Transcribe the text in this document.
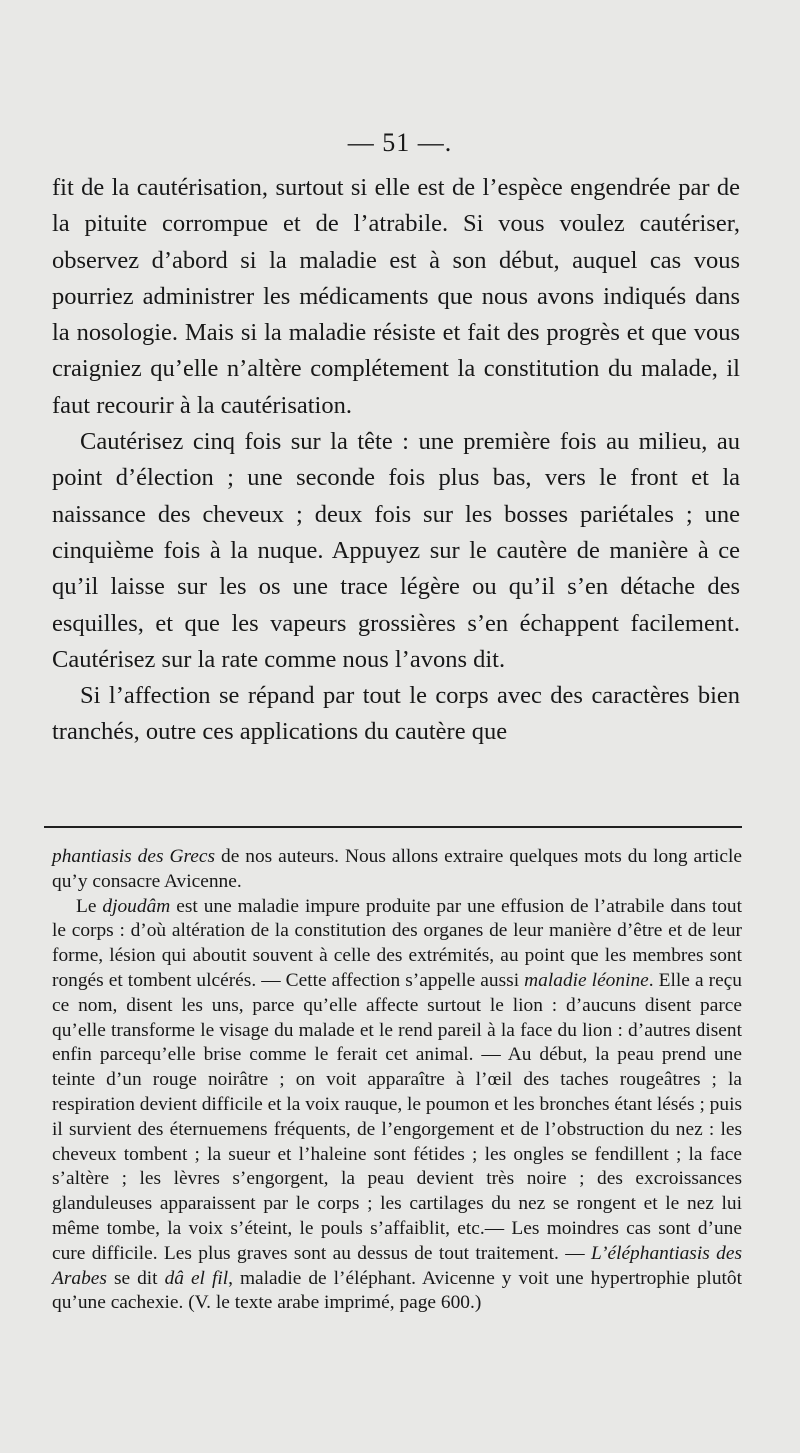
— 51 —.

fit de la cautérisation, surtout si elle est de l’espèce engendrée par de la pituite corrompue et de l’atrabile. Si vous voulez cautériser, observez d’abord si la maladie est à son début, auquel cas vous pourriez administrer les médicaments que nous avons indiqués dans la nosologie. Mais si la maladie résiste et fait des progrès et que vous craigniez qu’elle n’altère complétement la constitution du malade, il faut recourir à la cautérisation.

Cautérisez cinq fois sur la tête : une première fois au milieu, au point d’élection ; une seconde fois plus bas, vers le front et la naissance des cheveux ; deux fois sur les bosses pariétales ; une cinquième fois à la nuque. Appuyez sur le cautère de manière à ce qu’il laisse sur les os une trace légère ou qu’il s’en détache des esquilles, et que les vapeurs grossières s’en échappent facilement. Cautérisez sur la rate comme nous l’avons dit.

Si l’affection se répand par tout le corps avec des caractères bien tranchés, outre ces applications du cautère que

phantiasis des Grecs de nos auteurs. Nous allons extraire quelques mots du long article qu’y consacre Avicenne.

Le djoudâm est une maladie impure produite par une effusion de l’atrabile dans tout le corps : d’où altération de la constitution des organes de leur manière d’être et de leur forme, lésion qui aboutit souvent à celle des extrémités, au point que les membres sont rongés et tombent ulcérés. — Cette affection s’appelle aussi maladie léonine. Elle a reçu ce nom, disent les uns, parce qu’elle affecte surtout le lion : d’aucuns disent parce qu’elle transforme le visage du malade et le rend pareil à la face du lion : d’autres disent enfin parcequ’elle brise comme le ferait cet animal. — Au début, la peau prend une teinte d’un rouge noirâtre ; on voit apparaître à l’œil des taches rougeâtres ; la respiration devient difficile et la voix rauque, le poumon et les bronches étant lésés ; puis il survient des éternuemens fréquents, de l’engorgement et de l’obstruction du nez : les cheveux tombent ; la sueur et l’haleine sont fétides ; les ongles se fendillent ; la face s’altère ; les lèvres s’engorgent, la peau devient très noire ; des excroissances glanduleuses apparaissent par le corps ; les cartilages du nez se rongent et le nez lui même tombe, la voix s’éteint, le pouls s’affaiblit, etc.— Les moindres cas sont d’une cure difficile. Les plus graves sont au dessus de tout traitement. — L’éléphantiasis des Arabes se dit dâ el fil, maladie de l’éléphant. Avicenne y voit une hypertrophie plutôt qu’une cachexie. (V. le texte arabe imprimé, page 600.)
